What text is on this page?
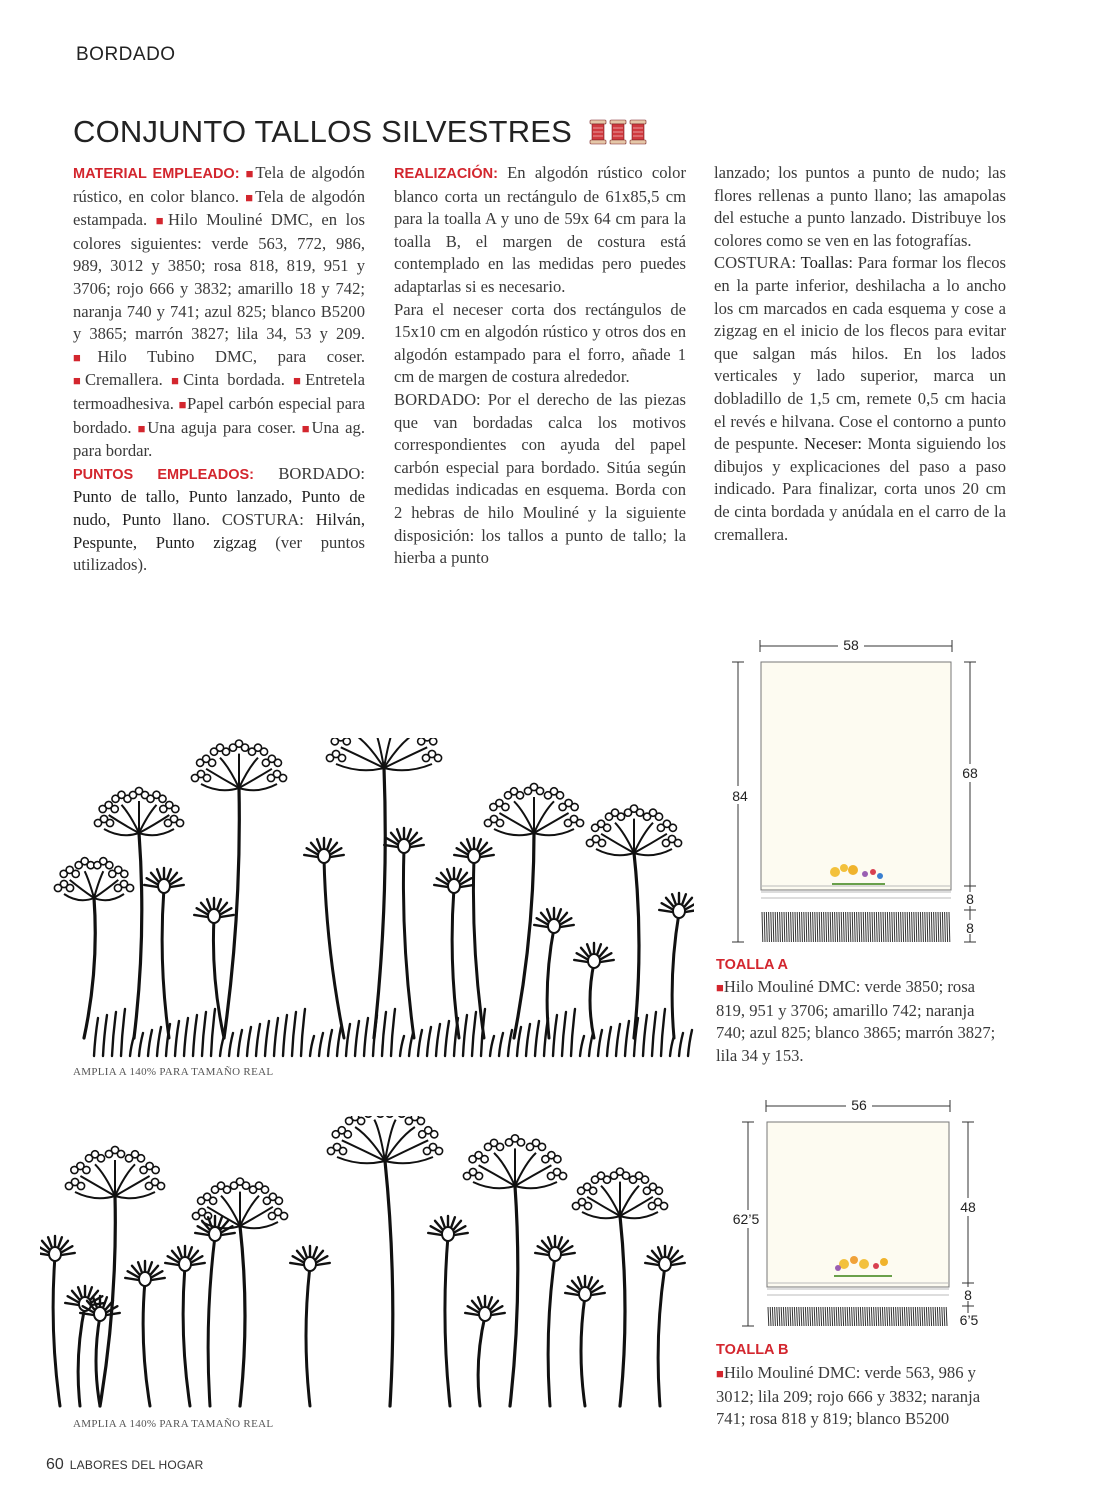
BORDADO
CONJUNTO TALLOS SILVESTRES

MATERIAL EMPLEADO: ■Tela de algodón rústico, en color blanco. ■Tela de algodón estampada. ■Hilo Mouliné DMC, en los colores siguientes: verde 563, 772, 986, 989, 3012 y 3850; rosa 818, 819, 951 y 3706; rojo 666 y 3832; amarillo 18 y 742; naranja 740 y 741; azul 825; blanco B5200 y 3865; marrón 3827; lila 34, 53 y 209. ■Hilo Tubino DMC, para coser. ■Cremallera. ■Cinta bordada. ■Entretela termoadhesiva. ■Papel carbón especial para bordado. ■Una aguja para coser. ■Una ag. para bordar.

PUNTOS EMPLEADOS: BORDADO: Punto de tallo, Punto lanzado, Punto de nudo, Punto llano. COSTURA: Hilván, Pespunte, Punto zigzag (ver puntos utilizados).

REALIZACIÓN: En algodón rústico color blanco corta un rectángulo de 61x85,5 cm para la toalla A y uno de 59x 64 cm para la toalla B, el margen de costura está contemplado en las medidas pero puedes adaptarlas si es necesario.

Para el neceser corta dos rectángulos de 15x10 cm en algodón rústico y otros dos en algodón estampado para el forro, añade 1 cm de margen de costura alrededor.

BORDADO: Por el derecho de las piezas que van bordadas calca los motivos correspondientes con ayuda del papel carbón especial para bordado. Sitúa según medidas indicadas en esquema. Borda con 2 hebras de hilo Mouliné y la siguiente disposición: los tallos a punto de tallo; la hierba a punto

lanzado; los puntos a punto de nudo; las flores rellenas a punto llano; las amapolas del estuche a punto lanzado. Distribuye los colores como se ven en las fotografías.

COSTURA: Toallas: Para formar los flecos en la parte inferior, deshilacha a lo ancho los cm marcados en cada esquema y cose a zigzag en el inicio de los flecos para evitar que salgan más hilos. En los lados verticales y lado superior, marca un dobladillo de 1,5 cm, remete 0,5 cm hacia el revés e hilvana. Cose el contorno a punto de pespunte. Neceser: Monta siguiendo los dibujos y explicaciones del paso a paso indicado. Para finalizar, corta unos 20 cm de cinta bordada y anúdala en el carro de la cremallera.

AMPLIA A 140% PARA TAMAÑO REAL
AMPLIA A 140% PARA TAMAÑO REAL
58
84
68
8
8
TOALLA A
■Hilo Mouliné DMC: verde 3850; rosa 819, 951 y 3706; amarillo 742; naranja 740; azul 825; blanco 3865; marrón 3827; lila 34 y 153.
56
62’5
48
8
6’5
TOALLA B
■Hilo Mouliné DMC: verde 563, 986 y 3012; lila 209; rojo 666 y 3832; naranja 741; rosa 818 y 819; blanco B5200
60 LABORES DEL HOGAR
